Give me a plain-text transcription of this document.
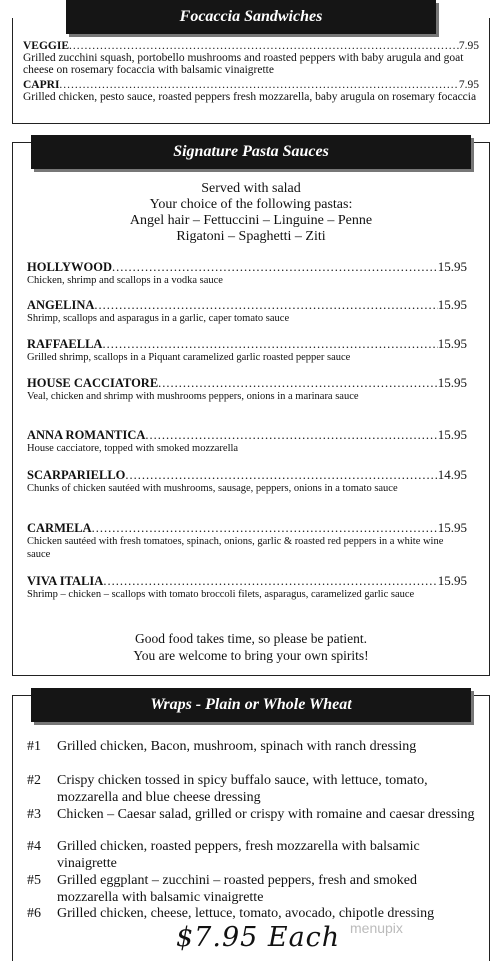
Focaccia Sandwiches
VEGGIE .....	7.95
Grilled zucchini squash, portobello mushrooms and roasted peppers with baby arugula and goat cheese on rosemary focaccia with balsamic vinaigrette
CAPRI .....	7.95
Grilled chicken, pesto sauce, roasted peppers fresh mozzarella, baby arugula on rosemary focaccia
Signature Pasta Sauces
Served with salad
Your choice of the following pastas:
Angel hair – Fettuccini – Linguine – Penne
Rigatoni – Spaghetti – Ziti
HOLLYWOOD .....	15.95
Chicken, shrimp and scallops in a vodka sauce
ANGELINA .....	15.95
Shrimp, scallops and asparagus in a garlic, caper tomato sauce
RAFFAELLA .....	15.95
Grilled shrimp, scallops in a Piquant caramelized garlic roasted pepper sauce
HOUSE CACCIATORE .....	15.95
Veal, chicken and shrimp with mushrooms peppers, onions in a marinara sauce
ANNA ROMANTICA .....	15.95
House cacciatore, topped with smoked mozzarella
SCARPARIELLO .....	14.95
Chunks of chicken sautéed with mushrooms, sausage, peppers, onions in a tomato sauce
CARMELA .....	15.95
Chicken sautéed with fresh tomatoes, spinach, onions, garlic & roasted red peppers in a white wine sauce
VIVA ITALIA .....	15.95
Shrimp – chicken – scallops with tomato broccoli filets, asparagus, caramelized garlic sauce
Good food takes time, so please be patient.
You are welcome to bring your own spirits!
Wraps - Plain or Whole Wheat
#1	Grilled chicken, Bacon, mushroom, spinach with ranch dressing
#2	Crispy chicken tossed in spicy buffalo sauce, with lettuce, tomato, mozzarella and blue cheese dressing
#3	Chicken – Caesar salad, grilled or crispy with romaine and caesar dressing
#4	Grilled chicken, roasted peppers, fresh mozzarella with balsamic vinaigrette
#5	Grilled eggplant – zucchini – roasted peppers, fresh and smoked mozzarella with balsamic vinaigrette
#6	Grilled chicken, cheese, lettuce, tomato, avocado, chipotle dressing
$7.95 Each menupix
